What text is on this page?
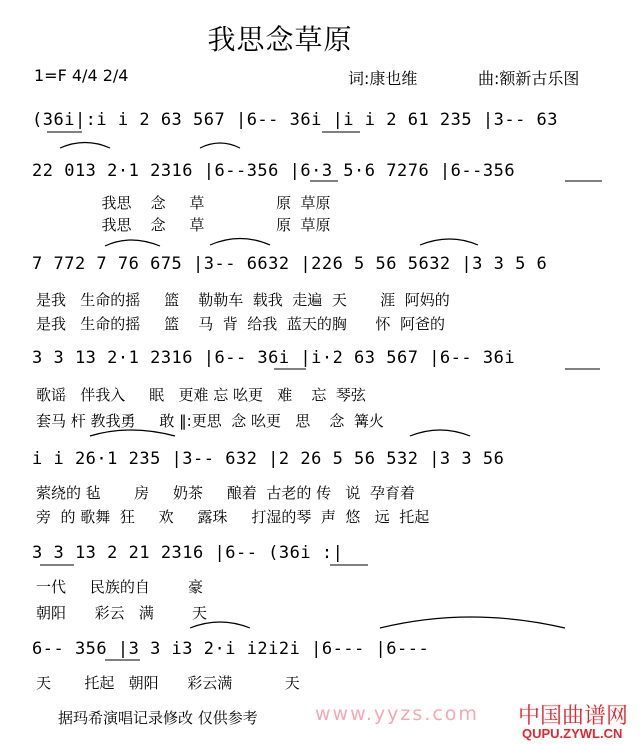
我思念草原
1=F 4/4 2/4	词:康也维	曲:额新古乐图
(36i|:i i 2 63 567 |6-- 36i |i i 2 61 235 |3-- 63
22 013 2·1 2316 |6--356 |6·3 5·6 7276 |6--356
我思    念     草               原  草原
我思    念     草               原  草原
7 772 7 76 675 |3-- 6632 |226 5 56 5632 |3 3 5 6
是我   生命的摇     篮    勒勒车  载我  走遍  天       涯  阿妈的
是我   生命的摇     篮    马  背  给我  蓝天的胸      怀  阿爸的
3 3 13 2·1 2316 |6-- 36i |i·2 63 567 |6-- 36i
歌谣   伴我入     眠   更难 忘 吆更   难    忘  琴弦
套马 杆 教我勇     敢 ‖:更思  念 吆更   思    念  篝火
i i 26·1 235 |3-- 632 |2 26 5 56 532 |3 3 56
萦绕的 毡       房     奶茶     酿着  古老的 传   说  孕育着
旁  的 歌舞  狂     欢     露珠     打湿的琴  声  悠   远  托起
3 3 13 2 21 2316 |6-- (36i :|
一代     民族的自        豪
朝阳      彩云   满        天
6-- 356 |3 3 i3 2·i i2i2i |6--- |6---
天       托起   朝阳      彩云满           天
据玛希演唱记录修改 仅供参考	www.yyzs.com 中国曲谱网
QUPU.ZYWL.CN
